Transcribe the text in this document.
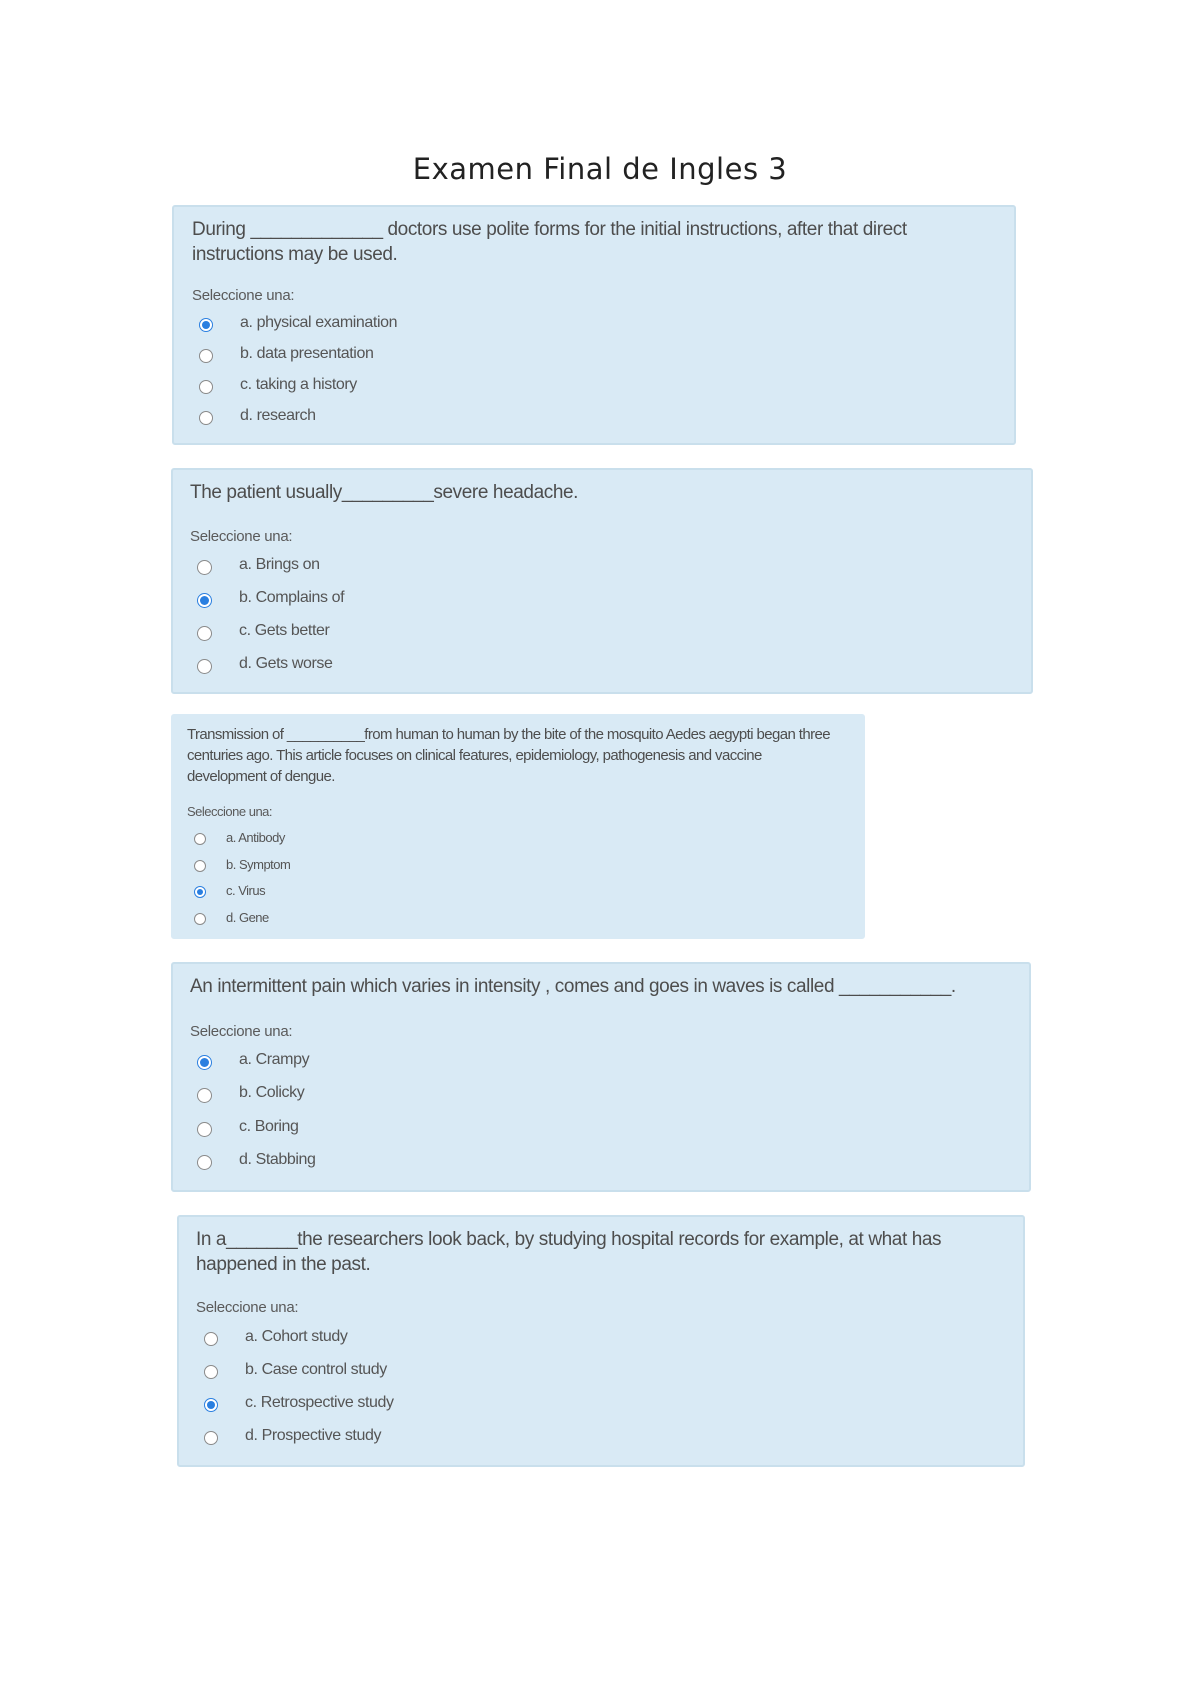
Examen Final de Ingles 3
During _____________ doctors use polite forms for the initial instructions, after that direct instructions may be used.
Seleccione una:
a. physical examination
b. data presentation
c. taking a history
d. research
The patient usually_________severe headache.
Seleccione una:
a. Brings on
b. Complains of
c. Gets better
d. Gets worse
Transmission of __________from human to human by the bite of the mosquito Aedes aegypti began three centuries ago. This article focuses on clinical features, epidemiology, pathogenesis and vaccine development of dengue.
Seleccione una:
a. Antibody
b. Symptom
c. Virus
d. Gene
An intermittent pain which varies in intensity , comes and goes in waves is called ___________.
Seleccione una:
a. Crampy
b. Colicky
c. Boring
d. Stabbing
In a_______the researchers look back, by studying hospital records for example, at what has happened in the past.
Seleccione una:
a. Cohort study
b. Case control study
c. Retrospective study
d. Prospective study
